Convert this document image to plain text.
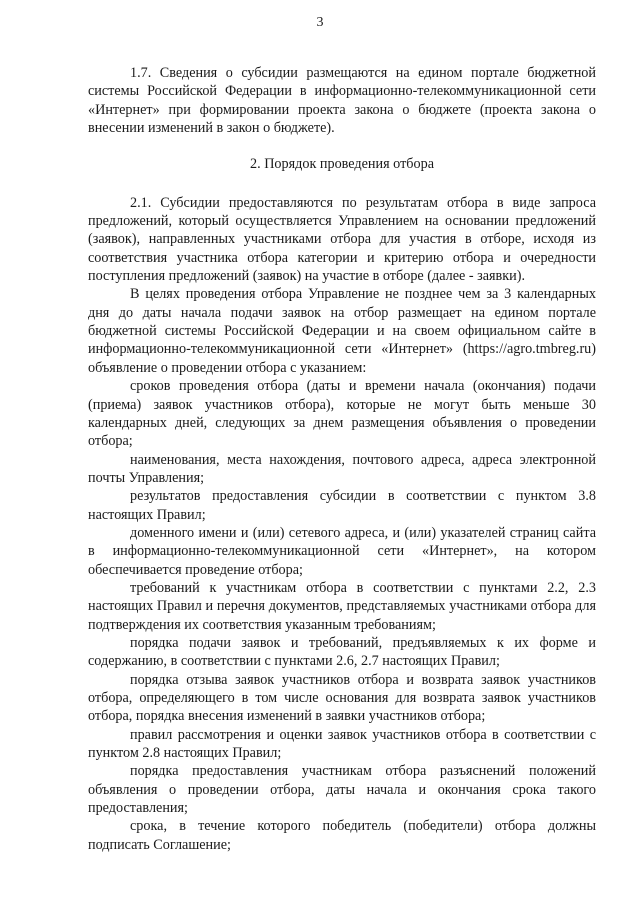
3

1.7. Сведения о субсидии размещаются на едином портале бюджетной системы Российской Федерации в информационно-телекоммуникационной сети «Интернет» при формировании проекта закона о бюджете (проекта закона о внесении изменений в закон о бюджете).

2. Порядок проведения отбора

2.1. Субсидии предоставляются по результатам отбора в виде запроса предложений, который осуществляется Управлением на основании предложений (заявок), направленных участниками отбора для участия в отборе, исходя из соответствия участника отбора категории и критерию отбора и очередности поступления предложений (заявок) на участие в отборе (далее - заявки).

В целях проведения отбора Управление не позднее чем за 3 календарных дня до даты начала подачи заявок на отбор размещает на едином портале бюджетной системы Российской Федерации и на своем официальном сайте в информационно-телекоммуникационной сети «Интернет» (https://agro.tmbreg.ru) объявление о проведении отбора с указанием:

сроков проведения отбора (даты и времени начала (окончания) подачи (приема) заявок участников отбора), которые не могут быть меньше 30 календарных дней, следующих за днем размещения объявления о проведении отбора;

наименования, места нахождения, почтового адреса, адреса электронной почты Управления;

результатов предоставления субсидии в соответствии с пунктом 3.8 настоящих Правил;

доменного имени и (или) сетевого адреса, и (или) указателей страниц сайта в информационно-телекоммуникационной сети «Интернет», на котором обеспечивается проведение отбора;

требований к участникам отбора в соответствии с пунктами 2.2, 2.3 настоящих Правил и перечня документов, представляемых участниками отбора для подтверждения их соответствия указанным требованиям;

порядка подачи заявок и требований, предъявляемых к их форме и содержанию, в соответствии с пунктами 2.6, 2.7 настоящих Правил;

порядка отзыва заявок участников отбора и возврата заявок участников отбора, определяющего в том числе основания для возврата заявок участников отбора, порядка внесения изменений в заявки участников отбора;

правил рассмотрения и оценки заявок участников отбора в соответствии с пунктом 2.8 настоящих Правил;

порядка предоставления участникам отбора разъяснений положений объявления о проведении отбора, даты начала и окончания срока такого предоставления;

срока, в течение которого победитель (победители) отбора должны подписать Соглашение;
